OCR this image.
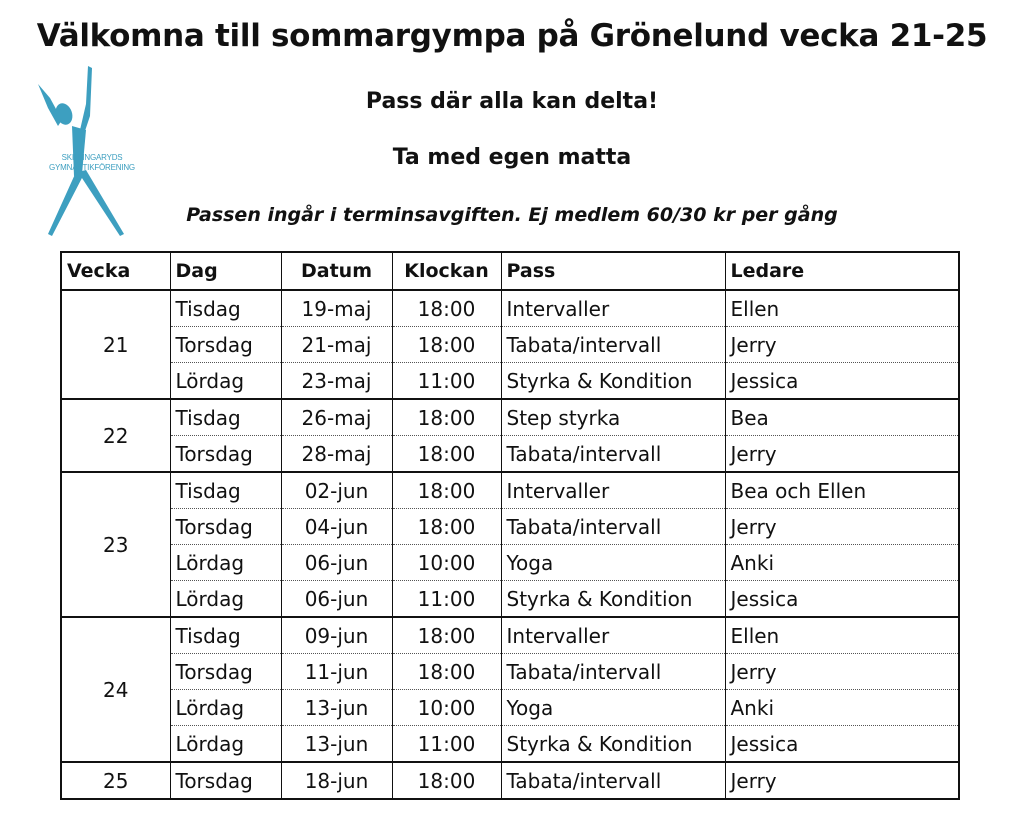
Välkomna till sommargympa på Grönelund vecka 21-25
Pass där alla kan delta!
Ta med egen matta
Passen ingår i terminsavgiften. Ej medlem 60/30 kr per gång
SKILLINGARYDS
GYMNASTIKFÖRENING
Vecka	Dag	Datum	Klockan	Pass	Ledare
21	Tisdag	19-maj	18:00	Intervaller	Ellen
	Torsdag	21-maj	18:00	Tabata/intervall	Jerry
	Lördag	23-maj	11:00	Styrka & Kondition	Jessica
22	Tisdag	26-maj	18:00	Step styrka	Bea
	Torsdag	28-maj	18:00	Tabata/intervall	Jerry
23	Tisdag	02-jun	18:00	Intervaller	Bea och Ellen
	Torsdag	04-jun	18:00	Tabata/intervall	Jerry
	Lördag	06-jun	10:00	Yoga	Anki
	Lördag	06-jun	11:00	Styrka & Kondition	Jessica
24	Tisdag	09-jun	18:00	Intervaller	Ellen
	Torsdag	11-jun	18:00	Tabata/intervall	Jerry
	Lördag	13-jun	10:00	Yoga	Anki
	Lördag	13-jun	11:00	Styrka & Kondition	Jessica
25	Torsdag	18-jun	18:00	Tabata/intervall	Jerry
